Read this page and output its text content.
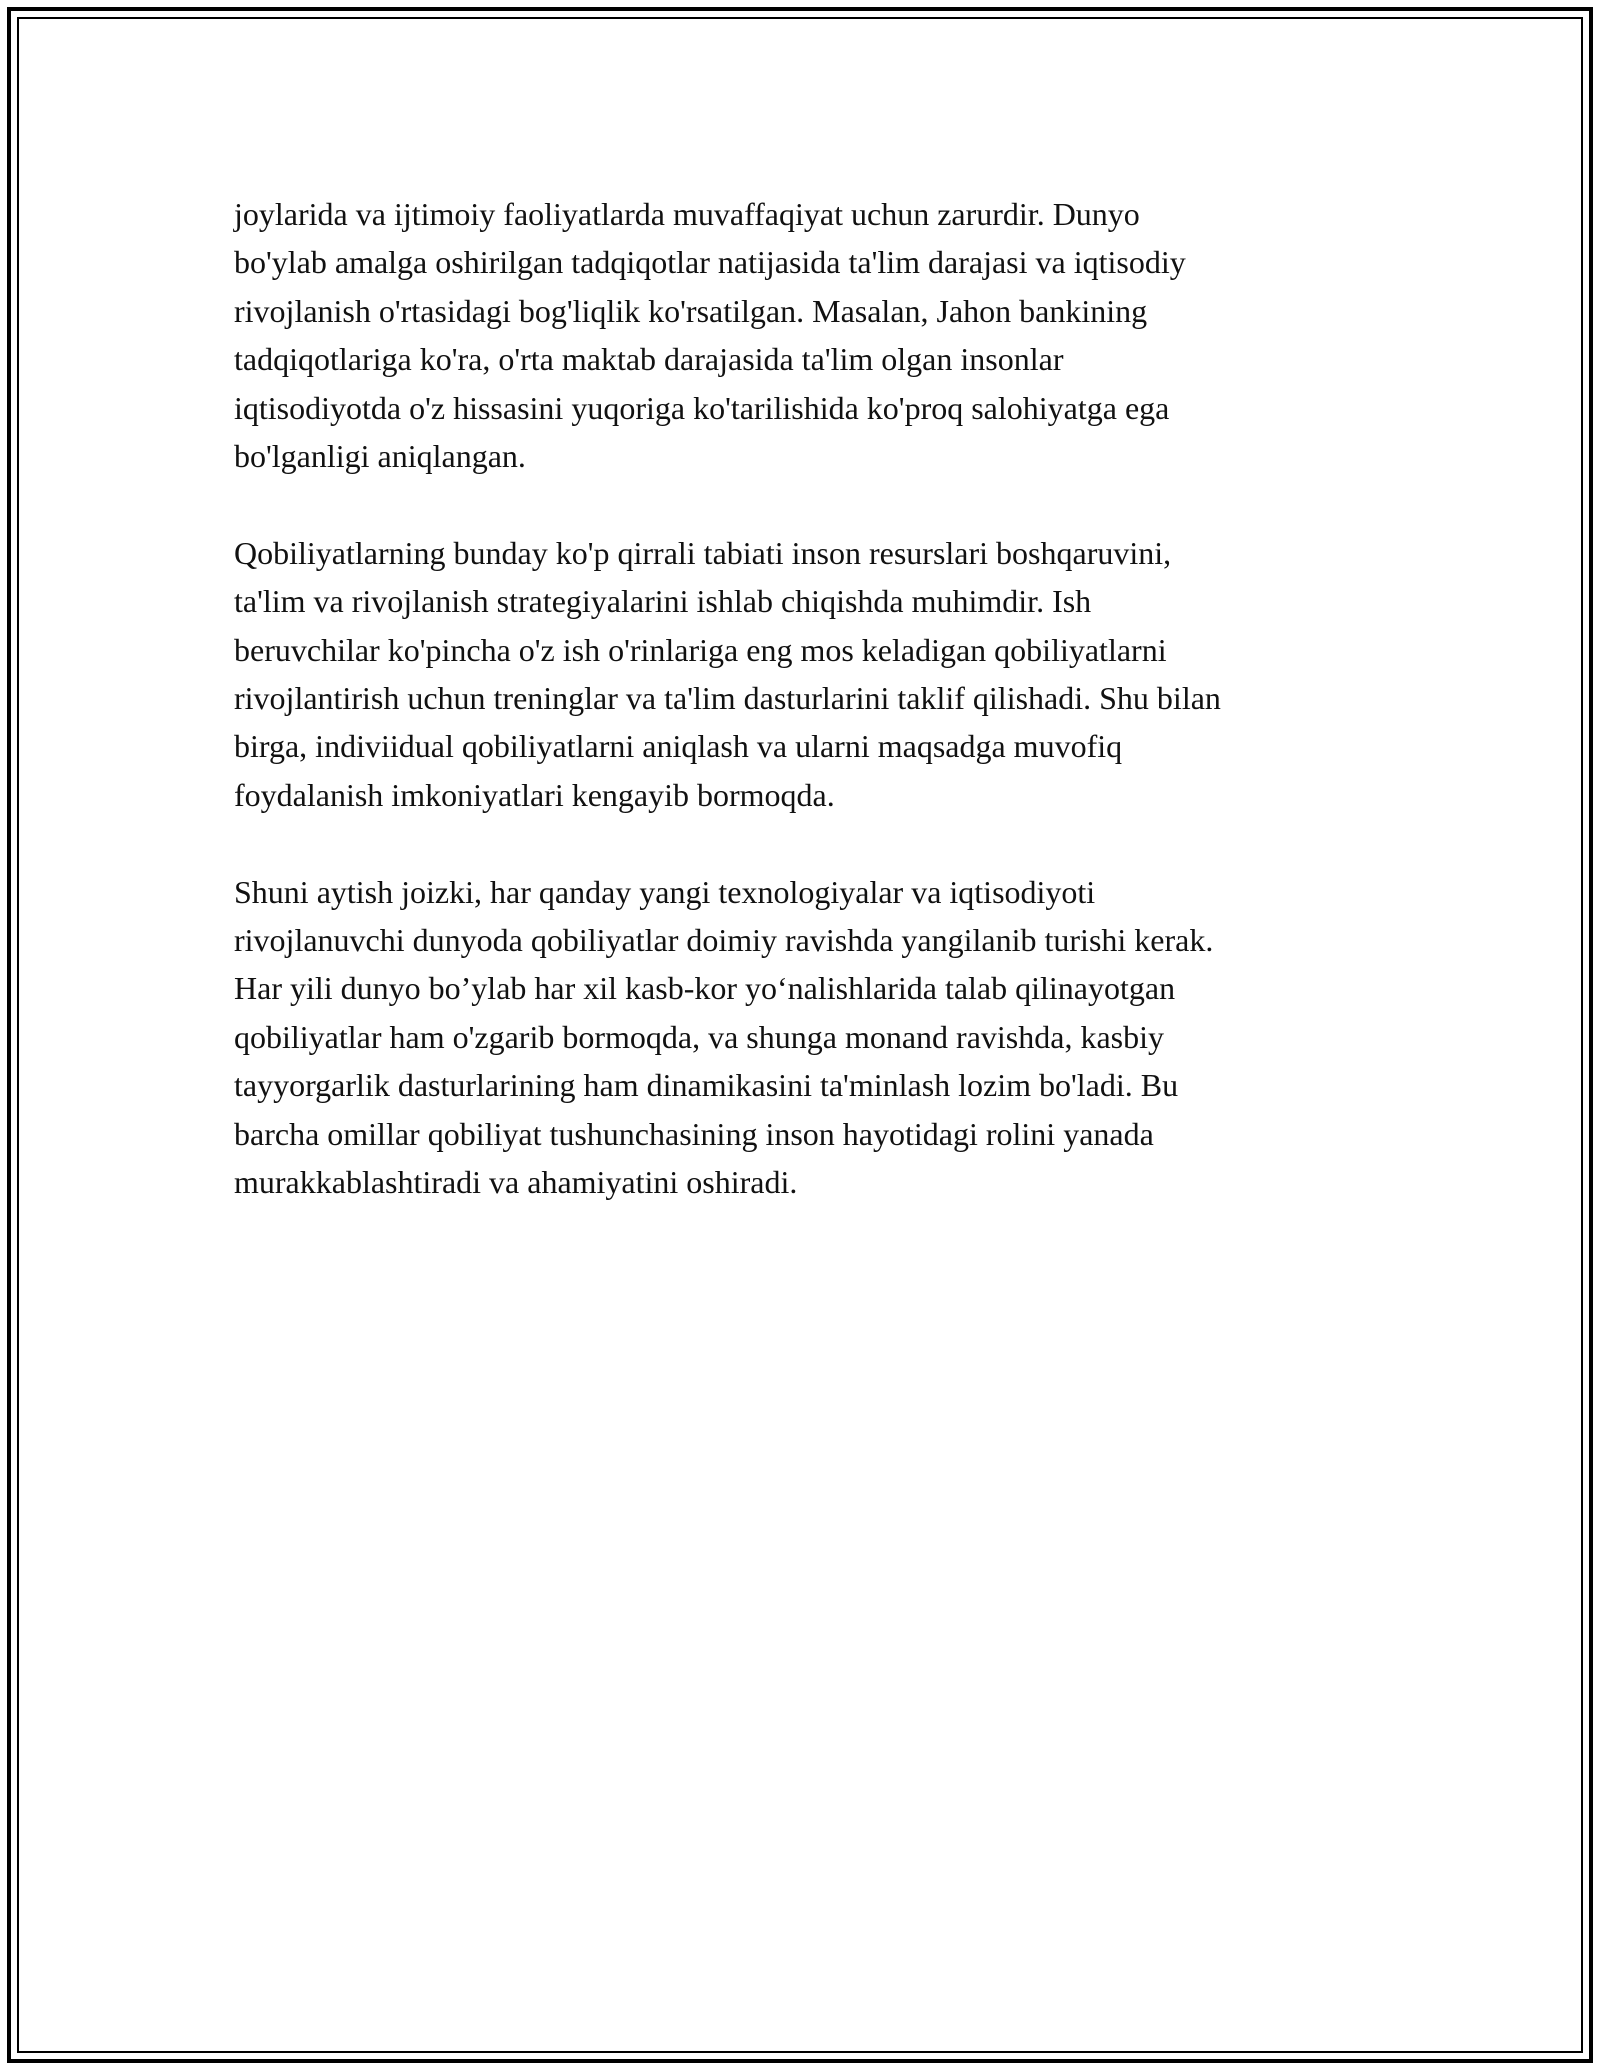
joylarida va ijtimoiy faoliyatlarda muvaffaqiyat uchun zarurdir. Dunyo
bo'ylab amalga oshirilgan tadqiqotlar natijasida ta'lim darajasi va iqtisodiy
rivojlanish o'rtasidagi bog'liqlik ko'rsatilgan. Masalan, Jahon bankining
tadqiqotlariga ko'ra, o'rta maktab darajasida ta'lim olgan insonlar
iqtisodiyotda o'z hissasini yuqoriga ko'tarilishida ko'proq salohiyatga ega
bo'lganligi aniqlangan.

Qobiliyatlarning bunday ko'p qirrali tabiati inson resurslari boshqaruvini,
ta'lim va rivojlanish strategiyalarini ishlab chiqishda muhimdir. Ish
beruvchilar ko'pincha o'z ish o'rinlariga eng mos keladigan qobiliyatlarni
rivojlantirish uchun treninglar va ta'lim dasturlarini taklif qilishadi. Shu bilan
birga, indiviidual qobiliyatlarni aniqlash va ularni maqsadga muvofiq
foydalanish imkoniyatlari kengayib bormoqda.

Shuni aytish joizki, har qanday yangi texnologiyalar va iqtisodiyoti
rivojlanuvchi dunyoda qobiliyatlar doimiy ravishda yangilanib turishi kerak.
Har yili dunyo bo’ylab har xil kasb-kor yo‘nalishlarida talab qilinayotgan
qobiliyatlar ham o'zgarib bormoqda, va shunga monand ravishda, kasbiy
tayyorgarlik dasturlarining ham dinamikasini ta'minlash lozim bo'ladi. Bu
barcha omillar qobiliyat tushunchasining inson hayotidagi rolini yanada
murakkablashtiradi va ahamiyatini oshiradi.
